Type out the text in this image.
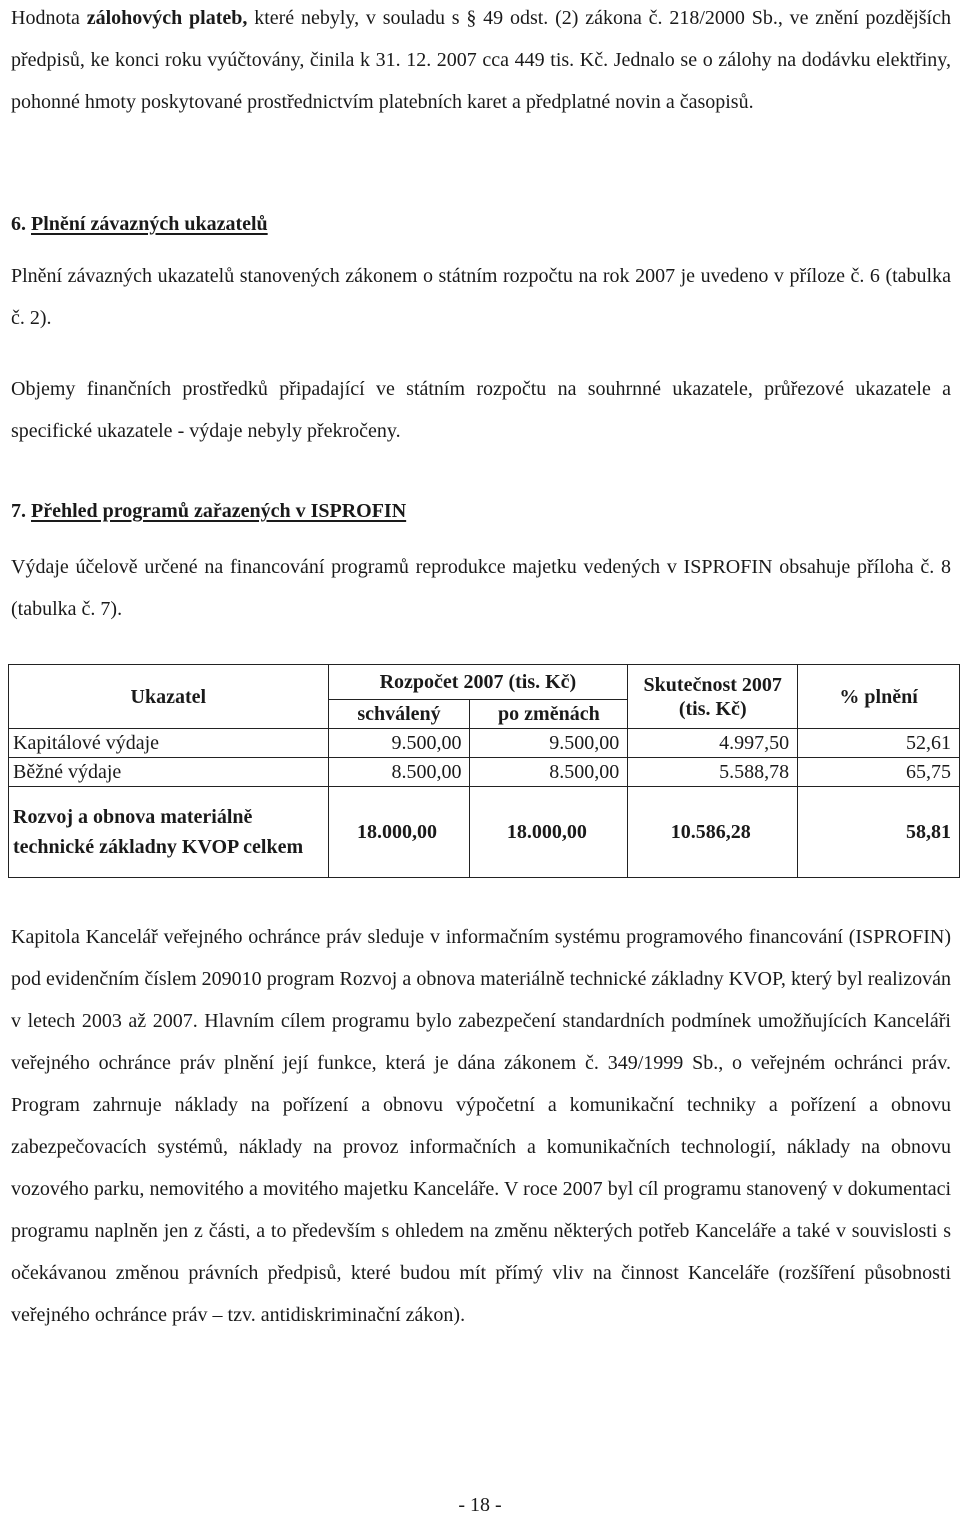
Hodnota zálohových plateb, které nebyly, v souladu s § 49 odst. (2) zákona č. 218/2000 Sb., ve znění pozdějších předpisů, ke konci roku vyúčtovány, činila k 31. 12. 2007 cca 449 tis. Kč. Jednalo se o zálohy na dodávku elektřiny, pohonné hmoty poskytované prostřednictvím platebních karet a předplatné novin a časopisů.

6. Plnění závazných ukazatelů

Plnění závazných ukazatelů stanovených zákonem o státním rozpočtu na rok 2007 je uvedeno v příloze č. 6 (tabulka č. 2).

Objemy finančních prostředků připadající ve státním rozpočtu na souhrnné ukazatele, průřezové ukazatele a specifické ukazatele - výdaje nebyly překročeny.

7. Přehled programů zařazených v ISPROFIN

Výdaje účelově určené na financování programů reprodukce majetku vedených v ISPROFIN obsahuje příloha č. 8 (tabulka č. 7).

Ukazatel	Rozpočet 2007 (tis. Kč)		Skutečnost 2007 (tis. Kč)	% plnění
	schválený	po změnách		
Kapitálové výdaje	9.500,00	9.500,00	4.997,50	52,61
Běžné výdaje	8.500,00	8.500,00	5.588,78	65,75
Rozvoj a obnova materiálně technické základny KVOP celkem	18.000,00	18.000,00	10.586,28	58,81

Kapitola Kancelář veřejného ochránce práv sleduje v informačním systému programového financování (ISPROFIN) pod evidenčním číslem 209010 program Rozvoj a obnova materiálně technické základny KVOP, který byl realizován v letech 2003 až 2007. Hlavním cílem programu bylo zabezpečení standardních podmínek umožňujících Kanceláři veřejného ochránce práv plnění její funkce, která je dána zákonem č. 349/1999 Sb., o veřejném ochránci práv. Program zahrnuje náklady na pořízení a obnovu výpočetní a komunikační techniky a pořízení a obnovu zabezpečovacích systémů, náklady na provoz informačních a komunikačních technologií, náklady na obnovu vozového parku, nemovitého a movitého majetku Kanceláře. V roce 2007 byl cíl programu stanovený v dokumentaci programu naplněn jen z části, a to především s ohledem na změnu některých potřeb Kanceláře a také v souvislosti s očekávanou změnou právních předpisů, které budou mít přímý vliv na činnost Kanceláře (rozšíření působnosti veřejného ochránce práv – tzv. antidiskriminační zákon).

- 18 -
